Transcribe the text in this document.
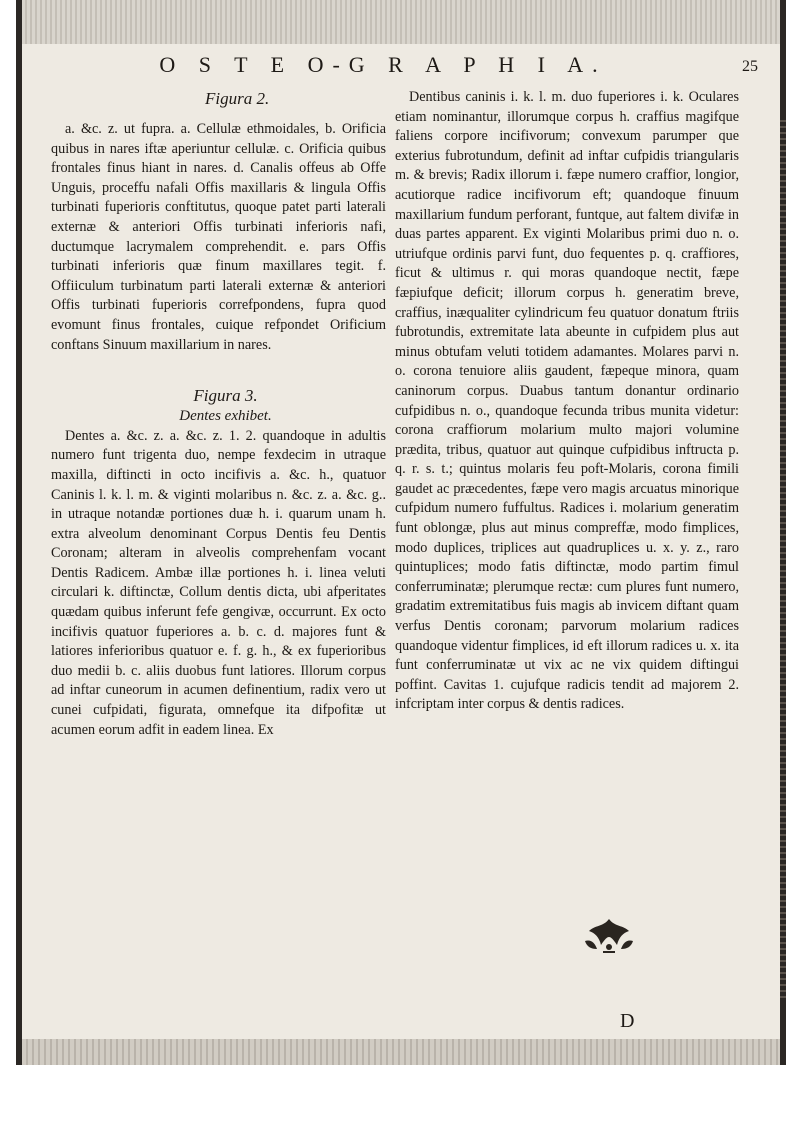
O S T E O-G R A P H I A.	25

Figura 2.

a. &c. z. ut fupra. a. Cellulæ ethmoidales, b. Orificia quibus in nares iftæ aperiuntur cellulæ. c. Orificia quibus frontales finus hiant in nares. d. Canalis offeus ab Offe Unguis, proceffu nafali Offis maxillaris & lingula Offis turbinati fuperioris conftitutus, quoque patet parti laterali externæ & anteriori Offis turbinati inferioris nafi, ductumque lacrymalem comprehendit. e. pars Offis turbinati inferioris quæ finum maxillares tegit. f. Offiiculum turbinatum parti laterali externæ & anteriori Offis turbinati fuperioris correfpondens, fupra quod evomunt finus frontales, cuique refpondet Orificium conftans Sinuum maxillarium in nares.

Figura 3.

Dentes exhibet.

Dentes a. &c. z. a. &c. z. 1. 2. quandoque in adultis numero funt trigenta duo, nempe fexdecim in utraque maxilla, diftincti in octo incifivis a. &c. h., quatuor Caninis l. k. l. m. & viginti molaribus n. &c. z. a. &c. g.. in utraque notandæ portiones duæ h. i. quarum unam h. extra alveolum denominant Corpus Dentis feu Dentis Coronam; alteram in alveolis comprehenfam vocant Dentis Radicem. Ambæ illæ portiones h. i. linea veluti circulari k. diftinctæ, Collum dentis dicta, ubi afperitates quædam quibus inferunt fefe gengivæ, occurrunt. Ex octo incifivis quatuor fuperiores a. b. c. d. majores funt & latiores inferioribus quatuor e. f. g. h., & ex fuperioribus duo medii b. c. aliis duobus funt latiores. Illorum corpus ad inftar cuneorum in acumen definentium, radix vero ut cunei cufpidati, figurata, omnefque ita difpofitæ ut acumen eorum adfit in eadem linea. Ex

Dentibus caninis i. k. l. m. duo fuperiores i. k. Oculares etiam nominantur, illorumque corpus h. craffius magifque faliens corpore incifivorum; convexum parumper que exterius fubrotundum, definit ad inftar cufpidis triangularis m. & brevis; Radix illorum i. fæpe numero craffior, longior, acutiorque radice incifivorum eft; quandoque finuum maxillarium fundum perforant, funtque, aut faltem divifæ in duas partes apparent. Ex viginti Molaribus primi duo n. o. utriufque ordinis parvi funt, duo fequentes p. q. craffiores, ficut & ultimus r. qui moras quandoque nectit, fæpe fæpiufque deficit; illorum corpus h. generatim breve, craffius, inæqualiter cylindricum feu quatuor donatum ftriis fubrotundis, extremitate lata abeunte in cufpidem plus aut minus obtufam veluti totidem adamantes. Molares parvi n. o. corona tenuiore aliis gaudent, fæpeque minora, quam caninorum corpus. Duabus tantum donantur ordinario cufpidibus n. o., quandoque fecunda tribus munita videtur: corona craffiorum molarium multo majori volumine prædita, tribus, quatuor aut quinque cufpidibus inftructa p. q. r. s. t.; quintus molaris feu poft-Molaris, corona fimili gaudet ac præcedentes, fæpe vero magis arcuatus minorique cufpidum numero fuffultus. Radices i. molarium generatim funt oblongæ, plus aut minus compreffæ, modo fimplices, modo duplices, triplices aut quadruplices u. x. y. z., raro quintuplices; modo fatis diftinctæ, modo partim fimul conferruminatæ; plerumque rectæ: cum plures funt numero, gradatim extremitatibus fuis magis ab invicem diftant quam verfus Dentis coronam; parvorum molarium radices quandoque videntur fimplices, id eft illorum radices u. x. ita funt conferruminatæ ut vix ac ne vix quidem diftingui poffint. Cavitas 1. cujufque radicis tendit ad majorem 2. infcriptam inter corpus & dentis radices.

D
